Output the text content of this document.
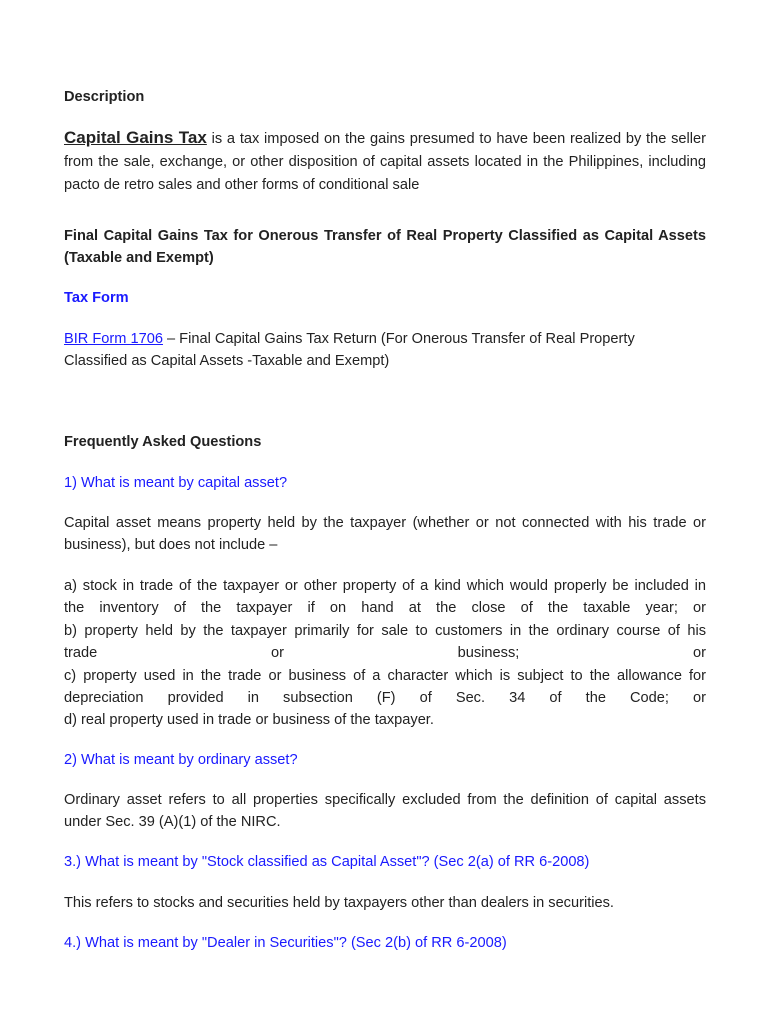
Description
Capital Gains Tax is a tax imposed on the gains presumed to have been realized by the seller from the sale, exchange, or other disposition of capital assets located in the Philippines, including pacto de retro sales and other forms of conditional sale
Final Capital Gains Tax for Onerous Transfer of Real Property Classified as Capital Assets (Taxable and Exempt)
Tax Form
BIR Form 1706 – Final Capital Gains Tax Return (For Onerous Transfer of Real Property Classified as Capital Assets -Taxable and Exempt)
Frequently Asked Questions
1) What is meant by capital asset?
Capital asset means property held by the taxpayer (whether or not connected with his trade or business), but does not include –
a) stock in trade of the taxpayer or other property of a kind which would properly be included in
the inventory of the taxpayer if on hand at the close of the taxable year; or
b) property held by the taxpayer primarily for sale to customers in the ordinary course of his
trade or business; or
c) property used in the trade or business of a character which is subject to the allowance for
depreciation provided in subsection (F) of Sec. 34 of the Code; or
d) real property used in trade or business of the taxpayer.
2) What is meant by ordinary asset?
Ordinary asset refers to all properties specifically excluded from the definition of capital assets under Sec. 39 (A)(1) of the NIRC.
3.) What is meant by "Stock classified as Capital Asset"? (Sec 2(a) of RR 6-2008)
This refers to stocks and securities held by taxpayers other than dealers in securities.
4.) What is meant by "Dealer in Securities"? (Sec 2(b) of RR 6-2008)
